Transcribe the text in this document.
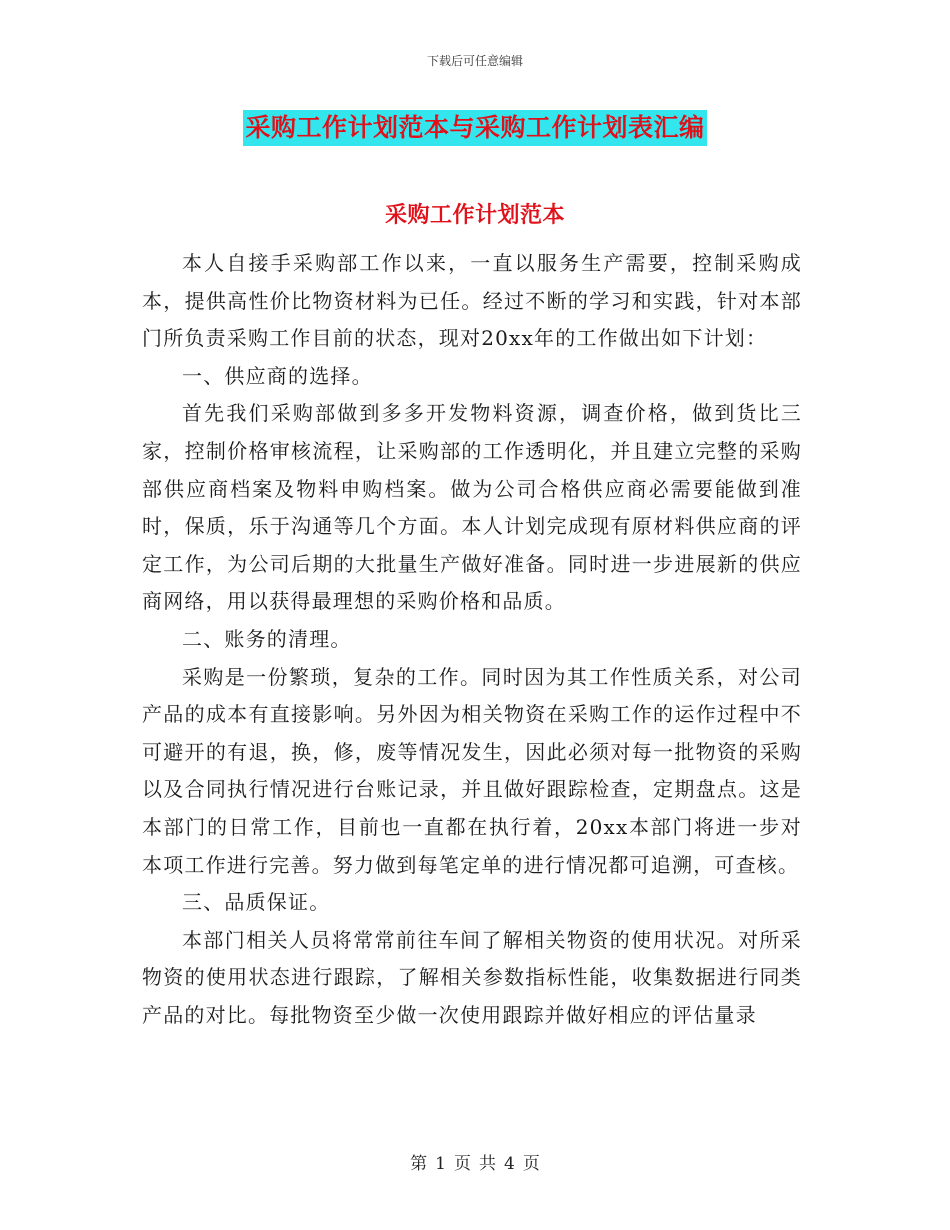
下载后可任意编辑
采购工作计划范本与采购工作计划表汇编
采购工作计划范本

本人自接手采购部工作以来，一直以服务生产需要，控制采购成本，提供高性价比物资材料为已任。经过不断的学习和实践，针对本部门所负责采购工作目前的状态，现对20xx年的工作做出如下计划：

一、供应商的选择。

首先我们采购部做到多多开发物料资源，调查价格，做到货比三家，控制价格审核流程，让采购部的工作透明化，并且建立完整的采购部供应商档案及物料申购档案。做为公司合格供应商必需要能做到准时，保质，乐于沟通等几个方面。本人计划完成现有原材料供应商的评定工作，为公司后期的大批量生产做好准备。同时进一步进展新的供应商网络，用以获得最理想的采购价格和品质。

二、账务的清理。

采购是一份繁琐，复杂的工作。同时因为其工作性质关系，对公司产品的成本有直接影响。另外因为相关物资在采购工作的运作过程中不可避开的有退，换，修，废等情况发生，因此必须对每一批物资的采购以及合同执行情况进行台账记录，并且做好跟踪检查，定期盘点。这是本部门的日常工作，目前也一直都在执行着，20xx本部门将进一步对本项工作进行完善。努力做到每笔定单的进行情况都可追溯，可查核。

三、品质保证。

本部门相关人员将常常前往车间了解相关物资的使用状况。对所采物资的使用状态进行跟踪，了解相关参数指标性能，收集数据进行同类产品的对比。每批物资至少做一次使用跟踪并做好相应的评估量录

第 1 页 共 4 页
